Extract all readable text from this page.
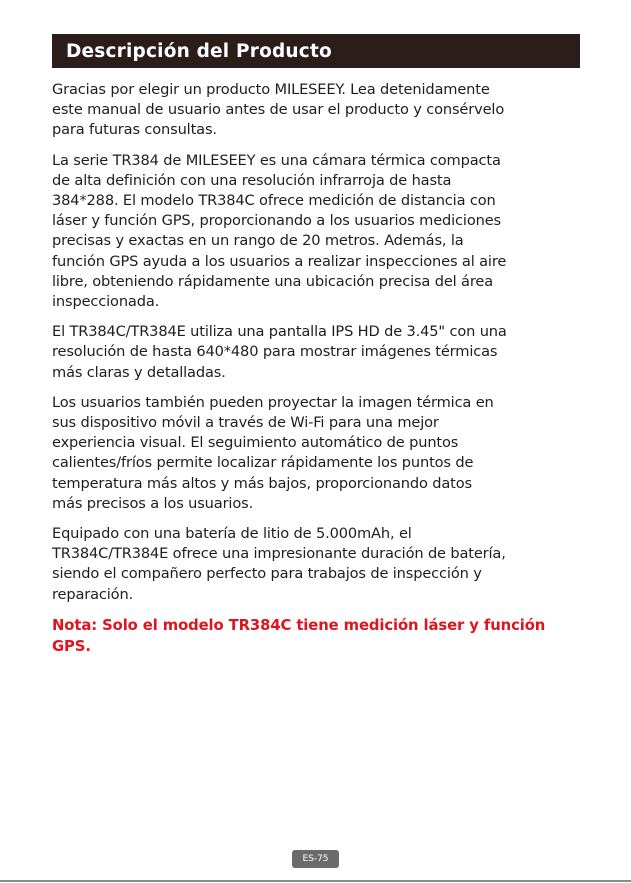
Descripción del Producto

Gracias por elegir un producto MILESEEY. Lea detenidamente
este manual de usuario antes de usar el producto y consérvelo
para futuras consultas.

La serie TR384 de MILESEEY es una cámara térmica compacta
de alta definición con una resolución infrarroja de hasta
384*288. El modelo TR384C ofrece medición de distancia con
láser y función GPS, proporcionando a los usuarios mediciones
precisas y exactas en un rango de 20 metros. Además, la
función GPS ayuda a los usuarios a realizar inspecciones al aire
libre, obteniendo rápidamente una ubicación precisa del área
inspeccionada.

El TR384C/TR384E utiliza una pantalla IPS HD de 3.45" con una
resolución de hasta 640*480 para mostrar imágenes térmicas
más claras y detalladas.

Los usuarios también pueden proyectar la imagen térmica en
sus dispositivo móvil a través de Wi-Fi para una mejor
experiencia visual. El seguimiento automático de puntos
calientes/fríos permite localizar rápidamente los puntos de
temperatura más altos y más bajos, proporcionando datos
más precisos a los usuarios.

Equipado con una batería de litio de 5.000mAh, el
TR384C/TR384E ofrece una impresionante duración de batería,
siendo el compañero perfecto para trabajos de inspección y
reparación.

Nota: Solo el modelo TR384C tiene medición láser y función
GPS.

ES-75
